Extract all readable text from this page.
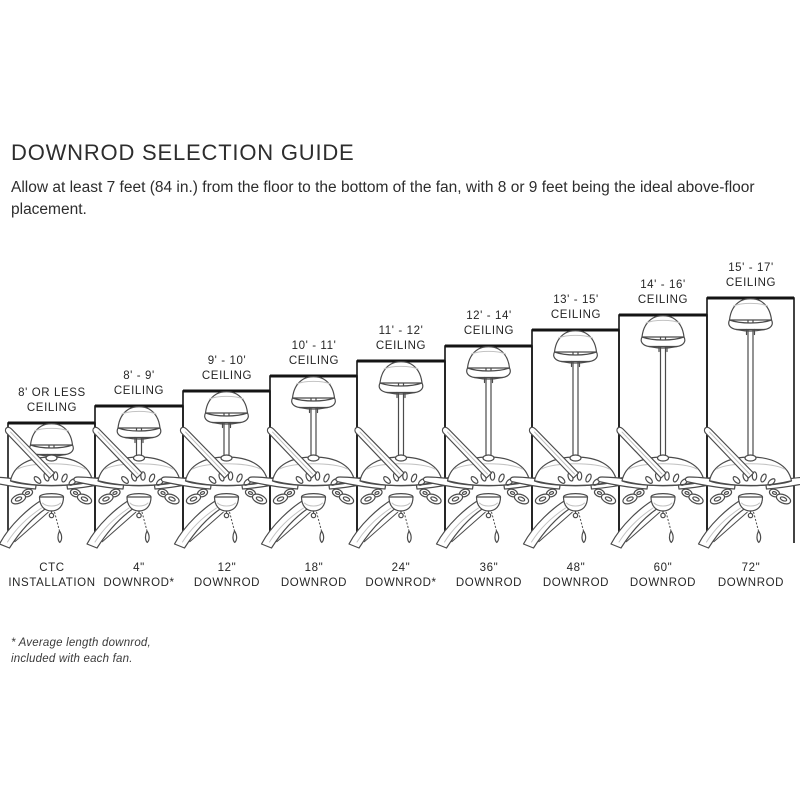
DOWNROD SELECTION GUIDE
Allow at least 7 feet (84 in.) from the floor to the bottom of the fan, with 8 or 9 feet being the ideal above-floor placement.
8' OR LESS
CEILING
8' - 9'
CEILING
9' - 10'
CEILING
10' - 11'
CEILING
11' - 12'
CEILING
12' - 14'
CEILING
13' - 15'
CEILING
14' - 16'
CEILING
15' - 17'
CEILING
CTC
INSTALLATION
4"
DOWNROD*
12"
DOWNROD
18"
DOWNROD
24"
DOWNROD*
36"
DOWNROD
48"
DOWNROD
60"
DOWNROD
72"
DOWNROD
* Average length downrod,
included with each fan.
